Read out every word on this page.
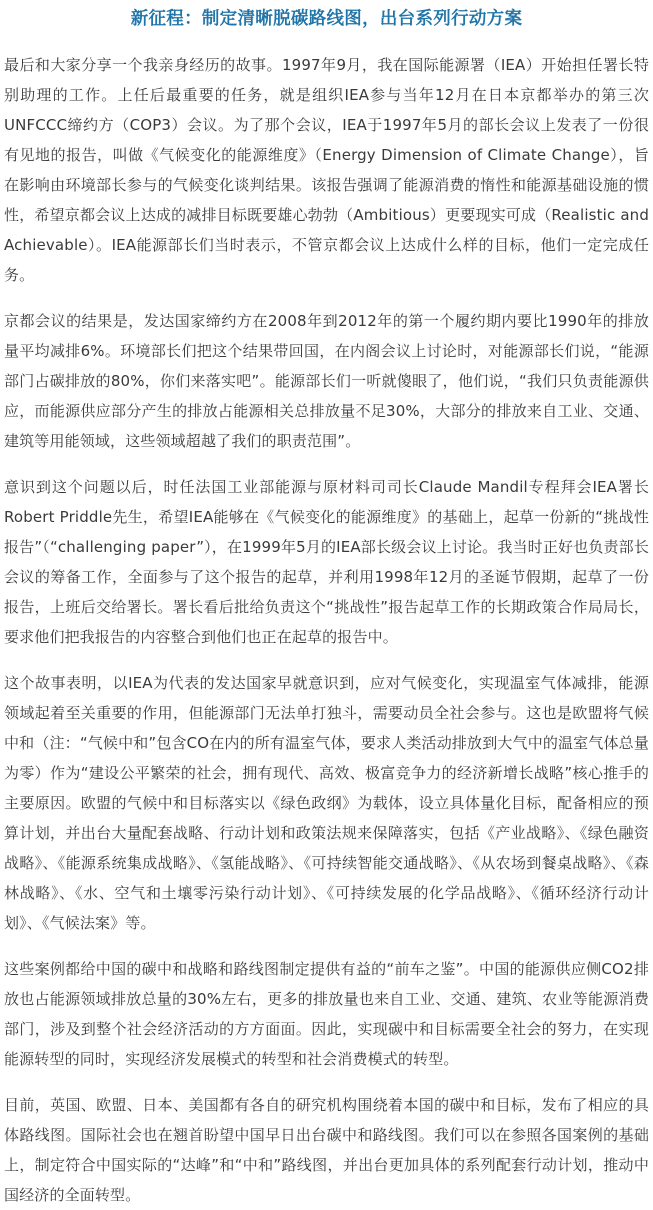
新征程：制定清晰脱碳路线图，出台系列行动方案

最后和大家分享一个我亲身经历的故事。1997年9月，我在国际能源署（IEA）开始担任署长特别助理的工作。上任后最重要的任务，就是组织IEA参与当年12月在日本京都举办的第三次UNFCCC缔约方（COP3）会议。为了那个会议，IEA于1997年5月的部长会议上发表了一份很有见地的报告，叫做《气候变化的能源维度》（Energy Dimension of Climate Change），旨在影响由环境部长参与的气候变化谈判结果。该报告强调了能源消费的惰性和能源基础设施的惯性，希望京都会议上达成的减排目标既要雄心勃勃（Ambitious）更要现实可成（Realistic and Achievable）。IEA能源部长们当时表示，不管京都会议上达成什么样的目标，他们一定完成任务。

京都会议的结果是，发达国家缔约方在2008年到2012年的第一个履约期内要比1990年的排放量平均减排6%。环境部长们把这个结果带回国，在内阁会议上讨论时，对能源部长们说，“能源部门占碳排放的80%，你们来落实吧”。能源部长们一听就傻眼了，他们说，“我们只负责能源供应，而能源供应部分产生的排放占能源相关总排放量不足30%，大部分的排放来自工业、交通、建筑等用能领域，这些领域超越了我们的职责范围”。

意识到这个问题以后，时任法国工业部能源与原材料司司长Claude Mandil专程拜会IEA署长Robert Priddle先生，希望IEA能够在《气候变化的能源维度》的基础上，起草一份新的“挑战性报告”（“challenging paper”），在1999年5月的IEA部长级会议上讨论。我当时正好也负责部长会议的筹备工作，全面参与了这个报告的起草，并利用1998年12月的圣诞节假期，起草了一份报告，上班后交给署长。署长看后批给负责这个“挑战性”报告起草工作的长期政策合作局局长，要求他们把我报告的内容整合到他们也正在起草的报告中。

这个故事表明，以IEA为代表的发达国家早就意识到，应对气候变化，实现温室气体减排，能源领域起着至关重要的作用，但能源部门无法单打独斗，需要动员全社会参与。这也是欧盟将气候中和（注：“气候中和”包含CO在内的所有温室气体，要求人类活动排放到大气中的温室气体总量为零）作为“建设公平繁荣的社会，拥有现代、高效、极富竞争力的经济新增长战略”核心推手的主要原因。欧盟的气候中和目标落实以《绿色政纲》为载体，设立具体量化目标，配备相应的预算计划，并出台大量配套战略、行动计划和政策法规来保障落实，包括《产业战略》、《绿色融资战略》、《能源系统集成战略》、《氢能战略》、《可持续智能交通战略》、《从农场到餐桌战略》、《森林战略》、《水、空气和土壤零污染行动计划》、《可持续发展的化学品战略》、《循环经济行动计划》、《气候法案》等。

这些案例都给中国的碳中和战略和路线图制定提供有益的“前车之鉴”。中国的能源供应侧CO2排放也占能源领域排放总量的30%左右，更多的排放量也来自工业、交通、建筑、农业等能源消费部门，涉及到整个社会经济活动的方方面面。因此，实现碳中和目标需要全社会的努力，在实现能源转型的同时，实现经济发展模式的转型和社会消费模式的转型。

目前，英国、欧盟、日本、美国都有各自的研究机构围绕着本国的碳中和目标，发布了相应的具体路线图。国际社会也在翘首盼望中国早日出台碳中和路线图。我们可以在参照各国案例的基础上，制定符合中国实际的“达峰”和“中和”路线图，并出台更加具体的系列配套行动计划，推动中国经济的全面转型。
